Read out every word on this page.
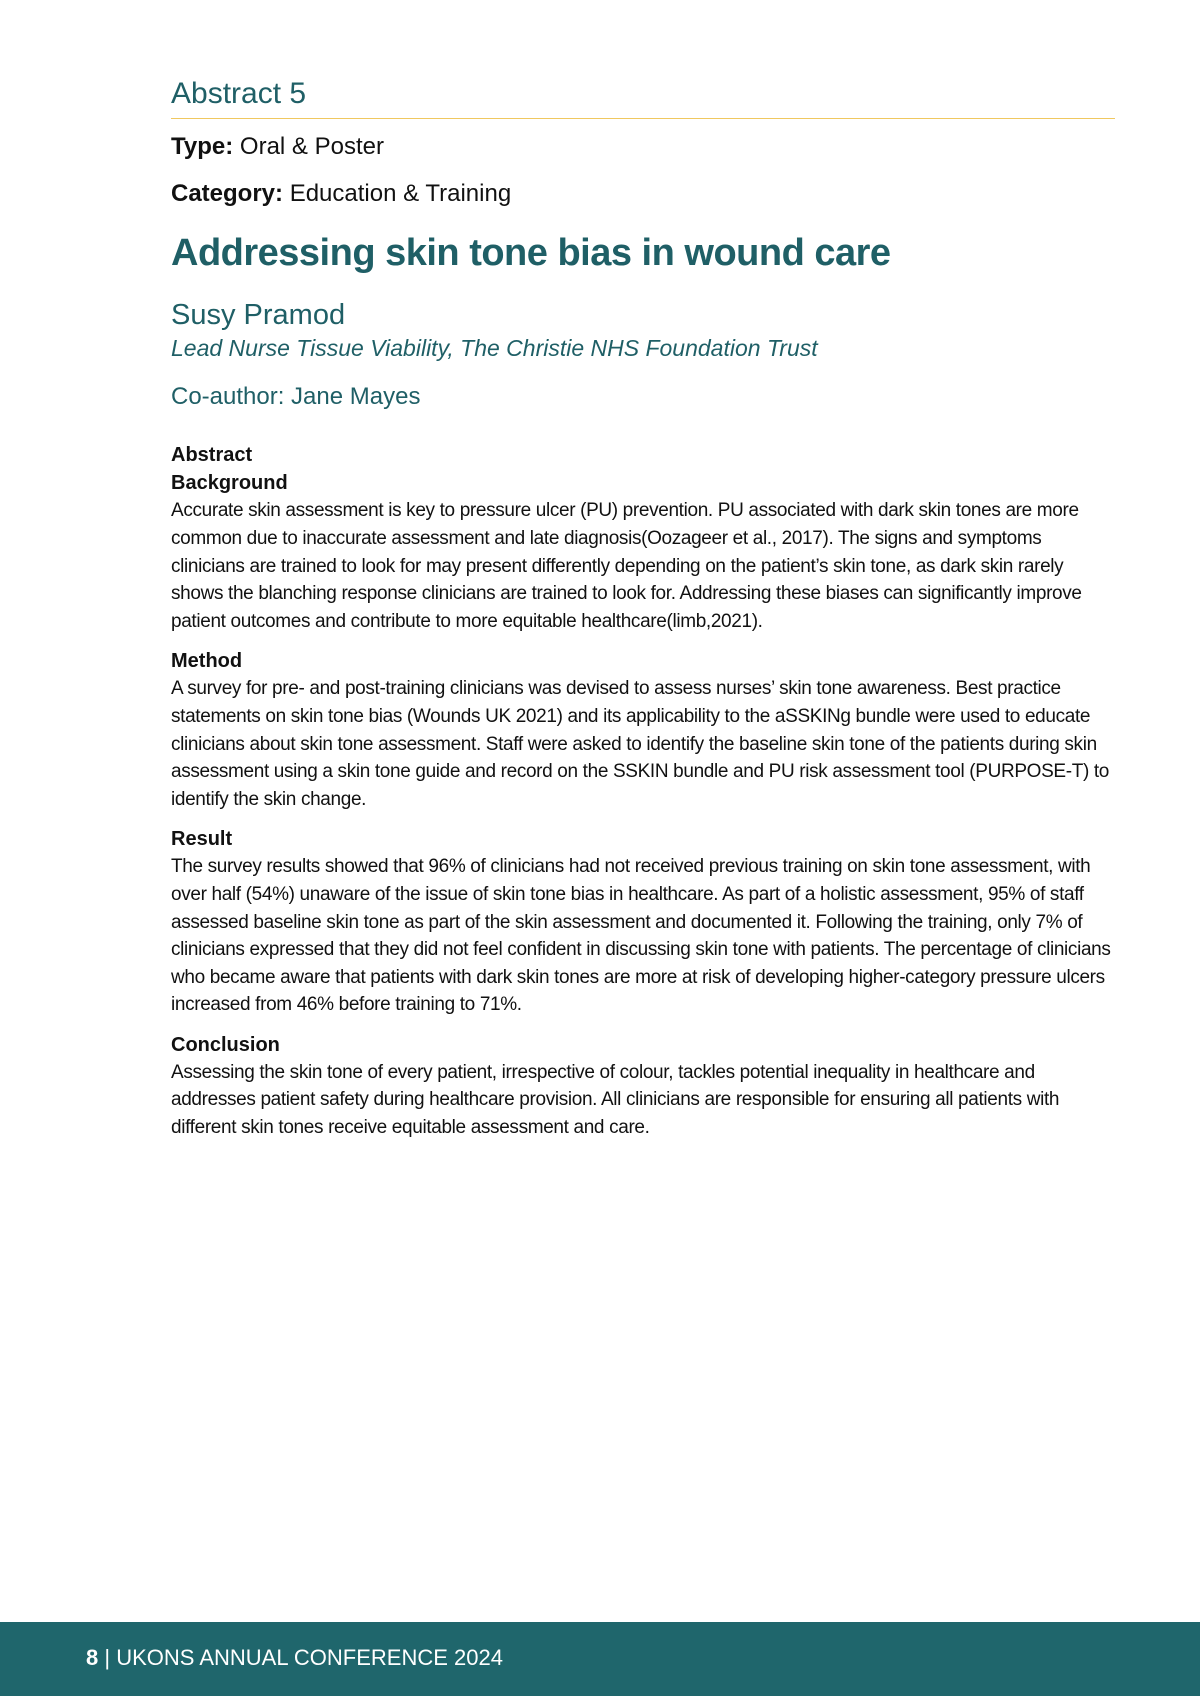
Abstract 5
Type: Oral & Poster
Category: Education & Training
Addressing skin tone bias in wound care
Susy Pramod
Lead Nurse Tissue Viability, The Christie NHS Foundation Trust
Co-author: Jane Mayes
Abstract
Background

Accurate skin assessment is key to pressure ulcer (PU) prevention. PU associated with dark skin tones are more common due to inaccurate assessment and late diagnosis(Oozageer et al., 2017). The signs and symptoms clinicians are trained to look for may present differently depending on the patient’s skin tone, as dark skin rarely shows the blanching response clinicians are trained to look for. Addressing these biases can significantly improve patient outcomes and contribute to more equitable healthcare(limb,2021).

Method

A survey for pre- and post-training clinicians was devised to assess nurses’ skin tone awareness. Best practice statements on skin tone bias (Wounds UK 2021) and its applicability to the aSSKINg bundle were used to educate clinicians about skin tone assessment. Staff were asked to identify the baseline skin tone of the patients during skin assessment using a skin tone guide and record on the SSKIN bundle and PU risk assessment tool (PURPOSE-T) to identify the skin change.

Result

The survey results showed that 96% of clinicians had not received previous training on skin tone assessment, with over half (54%) unaware of the issue of skin tone bias in healthcare. As part of a holistic assessment, 95% of staff assessed baseline skin tone as part of the skin assessment and documented it. Following the training, only 7% of clinicians expressed that they did not feel confident in discussing skin tone with patients. The percentage of clinicians who became aware that patients with dark skin tones are more at risk of developing higher-category pressure ulcers increased from 46% before training to 71%.

Conclusion

Assessing the skin tone of every patient, irrespective of colour, tackles potential inequality in healthcare and addresses patient safety during healthcare provision. All clinicians are responsible for ensuring all patients with different skin tones receive equitable assessment and care.

8 | UKONS ANNUAL CONFERENCE 2024
